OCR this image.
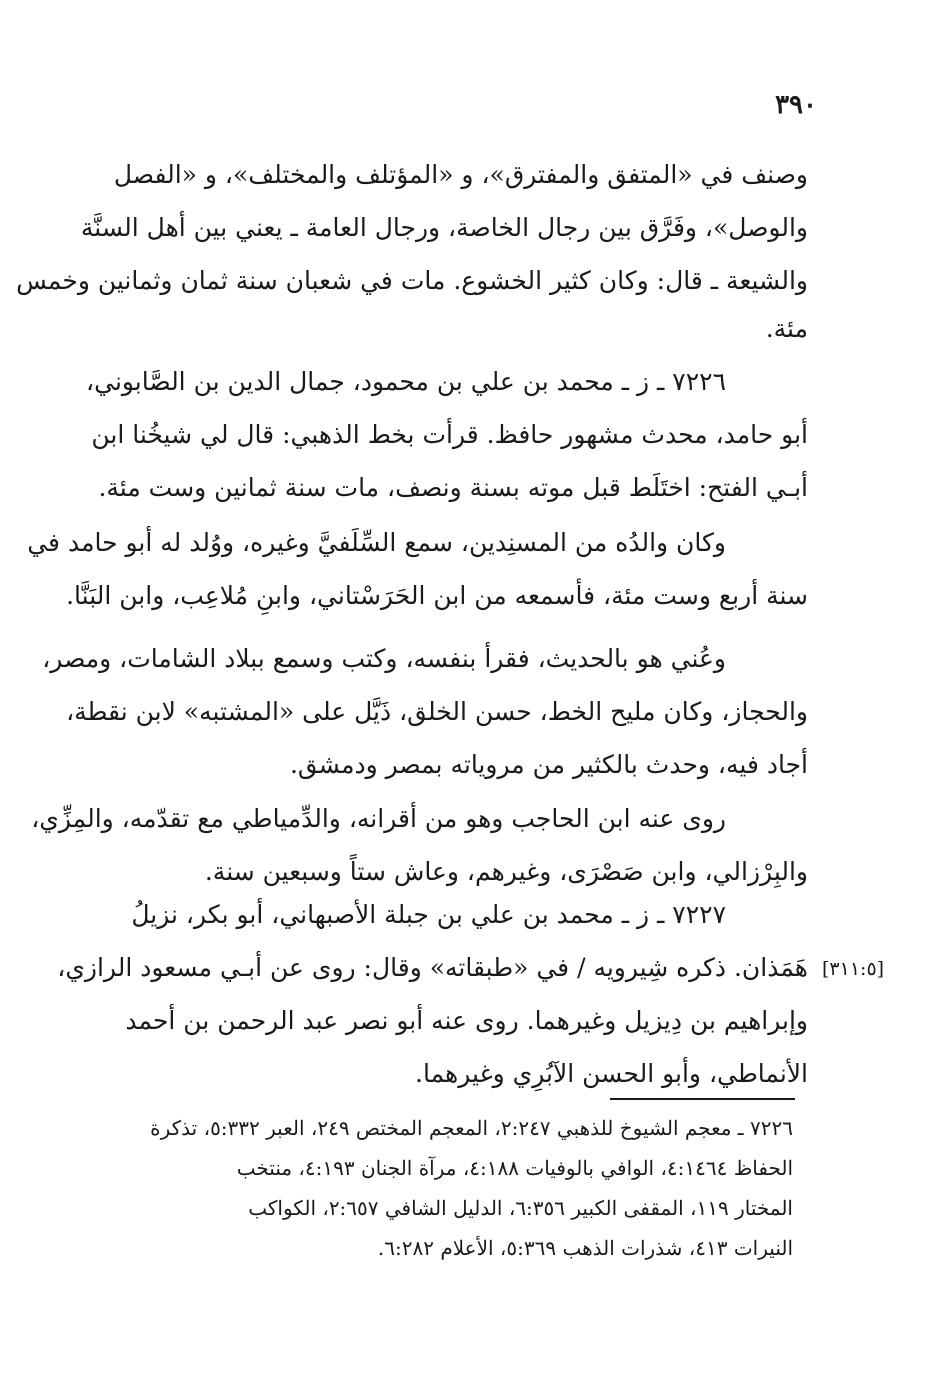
٣٩٠
وصنف في «المتفق والمفترق»، و «المؤتلف والمختلف»، و «الفصل
والوصل»، وفَرَّق بين رجال الخاصة، ورجال العامة ـ يعني بين أهل السنَّة
والشيعة ـ قال: وكان كثير الخشوع. مات في شعبان سنة ثمان وثمانين وخمس
مئة.
٧٢٢٦ ـ ز ـ محمد بن علي بن محمود، جمال الدين بن الصَّابوني،
أبو حامد، محدث مشهور حافظ. قرأت بخط الذهبي: قال لي شيخُنا ابن
أبـي الفتح: اختَلَط قبل موته بسنة ونصف، مات سنة ثمانين وست مئة.
وكان والدُه من المسنِدين، سمع السِّلَفيَّ وغيره، ووُلد له أبو حامد في
سنة أربع وست مئة، فأسمعه من ابن الحَرَسْتاني، وابنِ مُلاعِب، وابن البَنَّا.
وعُني هو بالحديث، فقرأ بنفسه، وكتب وسمع ببلاد الشامات، ومصر،
والحجاز، وكان مليح الخط، حسن الخلق، ذَيَّل على «المشتبه» لابن نقطة،
أجاد فيه، وحدث بالكثير من مروياته بمصر ودمشق.
روى عنه ابن الحاجب وهو من أقرانه، والدِّمياطي مع تقدّمه، والمِزِّي،
والبِرْزالي، وابن صَصْرَى، وغيرهم، وعاش ستاً وسبعين سنة.
٧٢٢٧ ـ ز ـ محمد بن علي بن جبلة الأصبهاني، أبو بكر، نزيلُ
هَمَذان. ذكره شِيرويه / في «طبقاته» وقال: روى عن أبـي مسعود الرازي،
وإبراهيم بن دِيزيل وغيرهما. روى عنه أبو نصر عبد الرحمن بن أحمد
الأنماطي، وأبو الحسن الآبُرِي وغيرهما.
[٣١١:٥]
٧٢٢٦ ـ معجم الشيوخ للذهبي ٢:٢٤٧، المعجم المختص ٢٤٩، العبر ٥:٣٣٢، تذكرة
الحفاظ ٤:١٤٦٤، الوافي بالوفيات ٤:١٨٨، مرآة الجنان ٤:١٩٣، منتخب
المختار ١١٩، المقفى الكبير ٦:٣٥٦، الدليل الشافي ٢:٦٥٧، الكواكب
النيرات ٤١٣، شذرات الذهب ٥:٣٦٩، الأعلام ٦:٢٨٢.
